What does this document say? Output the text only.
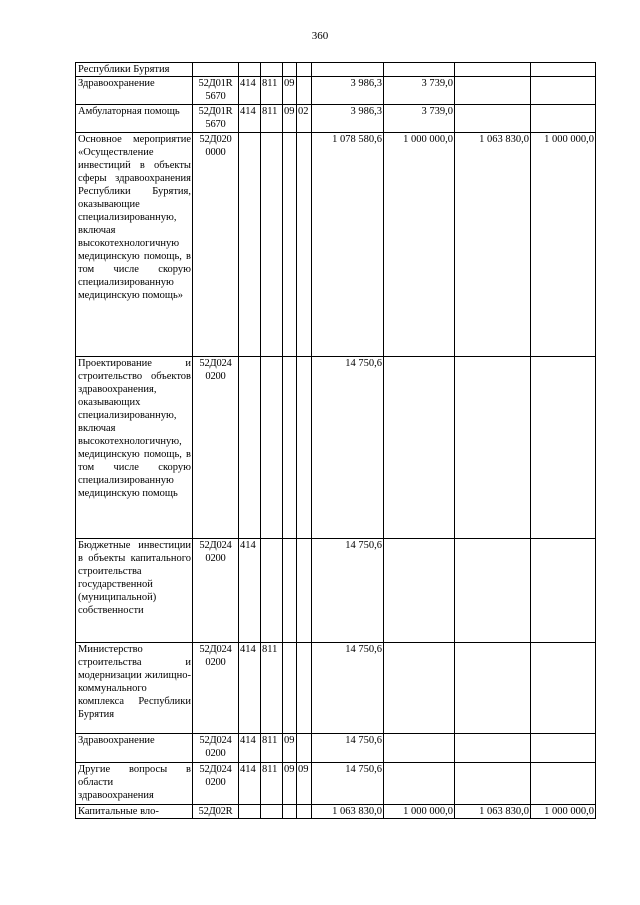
360
Республики Бурятия									
Здравоохранение	52Д01R 5670	414	811	09		3 986,3	3 739,0		
Амбулаторная помощь	52Д01R 5670	414	811	09	02	3 986,3	3 739,0		
Основное мероприятие «Осуществление инвестиций в объекты сферы здравоохранения Республики Бурятия, оказывающие специализированную, включая высокотехнологичную медицинскую помощь, в том числе скорую специализированную медицинскую помощь»	52Д020 0000					1 078 580,6	1 000 000,0	1 063 830,0	1 000 000,0
Проектирование и строительство объектов здравоохранения, оказывающих специализированную, включая высокотехнологичную, медицинскую помощь, в том числе скорую специализированную медицинскую помощь	52Д024 0200					14 750,6			
Бюджетные инвестиции в объекты капитального строительства государственной (муниципальной) собственности	52Д024 0200	414				14 750,6			
Министерство строительства и модернизации жилищно-коммунального комплекса Республики Бурятия	52Д024 0200	414	811			14 750,6			
Здравоохранение	52Д024 0200	414	811	09		14 750,6			
Другие вопросы в области здравоохранения	52Д024 0200	414	811	09	09	14 750,6			
Капитальные вло-	52Д02R					1 063 830,0	1 000 000,0	1 063 830,0	1 000 000,0
